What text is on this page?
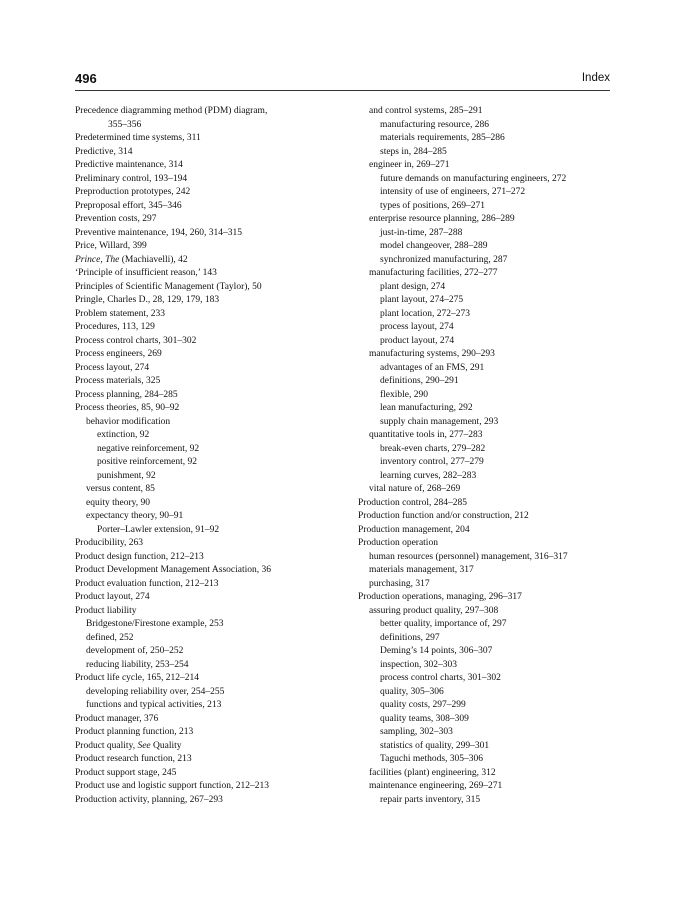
496	Index
Precedence diagramming method (PDM) diagram,
355–356
Predetermined time systems, 311
Predictive, 314
Predictive maintenance, 314
Preliminary control, 193–194
Preproduction prototypes, 242
Preproposal effort, 345–346
Prevention costs, 297
Preventive maintenance, 194, 260, 314–315
Price, Willard, 399
Prince, The (Machiavelli), 42
‘Principle of insufficient reason,’ 143
Principles of Scientific Management (Taylor), 50
Pringle, Charles D., 28, 129, 179, 183
Problem statement, 233
Procedures, 113, 129
Process control charts, 301–302
Process engineers, 269
Process layout, 274
Process materials, 325
Process planning, 284–285
Process theories, 85, 90–92
behavior modification
extinction, 92
negative reinforcement, 92
positive reinforcement, 92
punishment, 92
versus content, 85
equity theory, 90
expectancy theory, 90–91
Porter–Lawler extension, 91–92
Producibility, 263
Product design function, 212–213
Product Development Management Association, 36
Product evaluation function, 212–213
Product layout, 274
Product liability
Bridgestone/Firestone example, 253
defined, 252
development of, 250–252
reducing liability, 253–254
Product life cycle, 165, 212–214
developing reliability over, 254–255
functions and typical activities, 213
Product manager, 376
Product planning function, 213
Product quality, See Quality
Product research function, 213
Product support stage, 245
Product use and logistic support function, 212–213
Production activity, planning, 267–293
and control systems, 285–291
manufacturing resource, 286
materials requirements, 285–286
steps in, 284–285
engineer in, 269–271
future demands on manufacturing engineers, 272
intensity of use of engineers, 271–272
types of positions, 269–271
enterprise resource planning, 286–289
just-in-time, 287–288
model changeover, 288–289
synchronized manufacturing, 287
manufacturing facilities, 272–277
plant design, 274
plant layout, 274–275
plant location, 272–273
process layout, 274
product layout, 274
manufacturing systems, 290–293
advantages of an FMS, 291
definitions, 290–291
flexible, 290
lean manufacturing, 292
supply chain management, 293
quantitative tools in, 277–283
break-even charts, 279–282
inventory control, 277–279
learning curves, 282–283
vital nature of, 268–269
Production control, 284–285
Production function and/or construction, 212
Production management, 204
Production operation
human resources (personnel) management, 316–317
materials management, 317
purchasing, 317
Production operations, managing, 296–317
assuring product quality, 297–308
better quality, importance of, 297
definitions, 297
Deming’s 14 points, 306–307
inspection, 302–303
process control charts, 301–302
quality, 305–306
quality costs, 297–299
quality teams, 308–309
sampling, 302–303
statistics of quality, 299–301
Taguchi methods, 305–306
facilities (plant) engineering, 312
maintenance engineering, 269–271
repair parts inventory, 315
